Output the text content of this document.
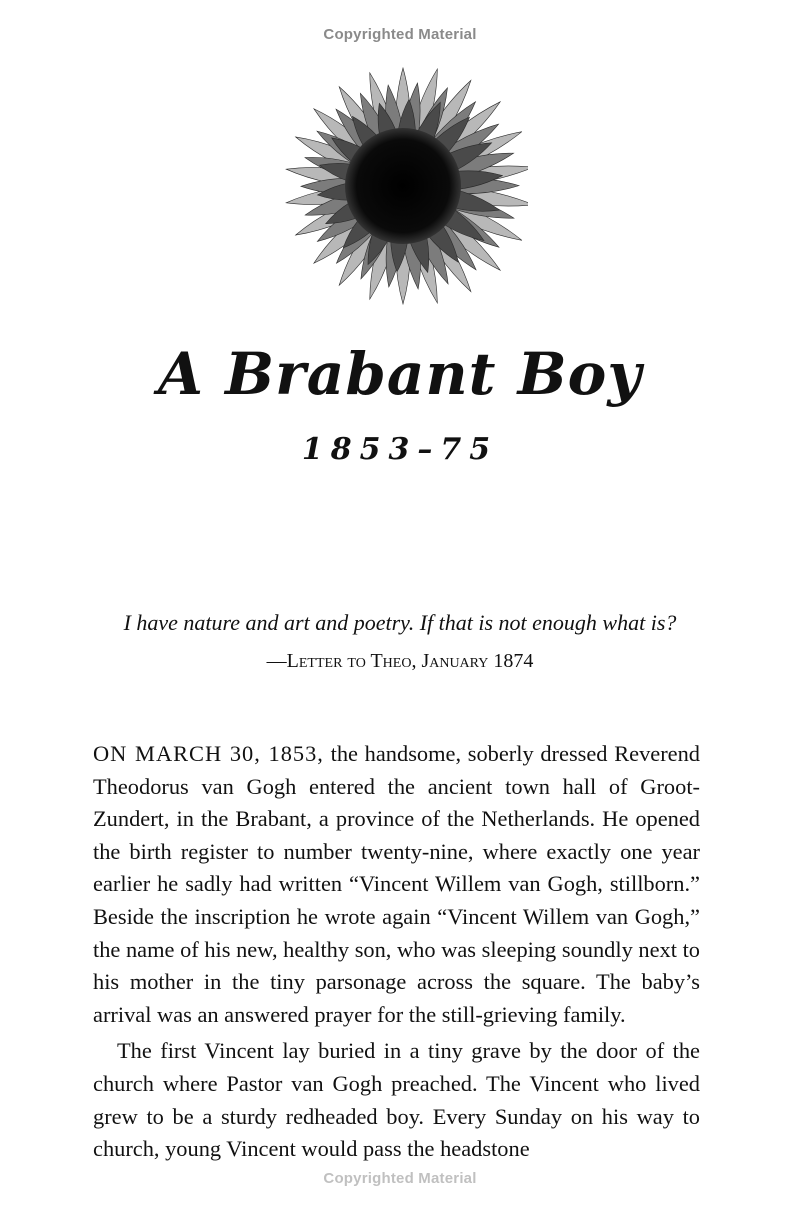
Copyrighted Material
A Brabant Boy
1853–75
I have nature and art and poetry. If that is not enough what is?
—Letter to Theo, January 1874

ON MARCH 30, 1853, the handsome, soberly dressed Reverend Theodorus van Gogh entered the ancient town hall of Groot-Zundert, in the Brabant, a province of the Netherlands. He opened the birth register to number twenty-nine, where exactly one year earlier he sadly had written “Vincent Willem van Gogh, stillborn.” Beside the inscription he wrote again “Vincent Willem van Gogh,” the name of his new, healthy son, who was sleeping soundly next to his mother in the tiny parsonage across the square. The baby’s arrival was an answered prayer for the still-grieving family.

The first Vincent lay buried in a tiny grave by the door of the church where Pastor van Gogh preached. The Vincent who lived grew to be a sturdy redheaded boy. Every Sunday on his way to church, young Vincent would pass the headstone

Copyrighted Material
